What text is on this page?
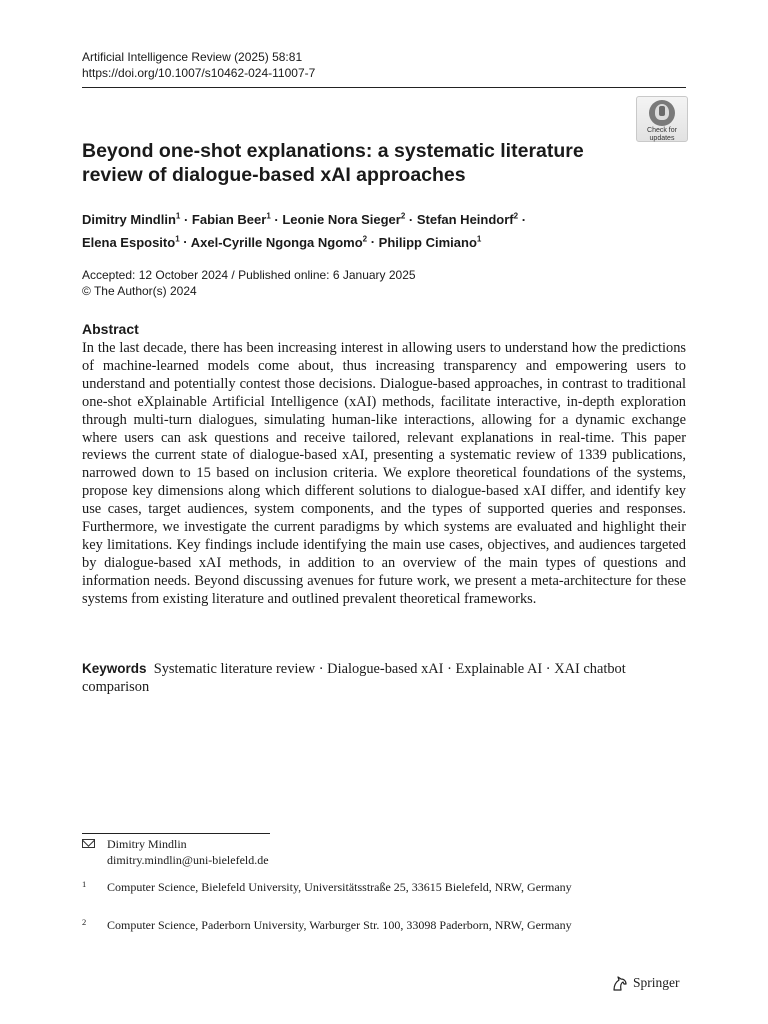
Artificial Intelligence Review (2025) 58:81
https://doi.org/10.1007/s10462-024-11007-7
Check for
updates
Beyond one-shot explanations: a systematic literature review of dialogue-based xAI approaches
Dimitry Mindlin$^1$ · Fabian Beer$^1$ · Leonie Nora Sieger$^2$ · Stefan Heindorf$^2$ ·
Elena Esposito$^1$ · Axel-Cyrille Ngonga Ngomo$^2$ · Philipp Cimiano$^1$
Accepted: 12 October 2024 / Published online: 6 January 2025
© The Author(s) 2024
Abstract

In the last decade, there has been increasing interest in allowing users to understand how the predictions of machine-learned models come about, thus increasing transparency and empowering users to understand and potentially contest those decisions. Dialogue-based approaches, in contrast to traditional one-shot eXplainable Artificial Intelligence (xAI) methods, facilitate interactive, in-depth exploration through multi-turn dialogues, simulating human-like interactions, allowing for a dynamic exchange where users can ask questions and receive tailored, relevant explanations in real-time. This paper reviews the current state of dialogue-based xAI, presenting a systematic review of 1339 publications, narrowed down to 15 based on inclusion criteria. We explore theoretical foundations of the systems, propose key dimensions along which different solutions to dialogue-based xAI differ, and identify key use cases, target audiences, system components, and the types of supported queries and responses. Furthermore, we investigate the current paradigms by which systems are evaluated and highlight their key limitations. Key findings include identifying the main use cases, objectives, and audiences targeted by dialogue-based xAI methods, in addition to an overview of the main types of questions and information needs. Beyond discussing avenues for future work, we present a meta-architecture for these systems from existing literature and outlined prevalent theoretical frameworks.

Keywords Systematic literature review · Dialogue-based xAI · Explainable AI · XAI chatbot comparison

Dimitry Mindlin
dimitry.mindlin@uni-bielefeld.de
1 Computer Science, Bielefeld University, Universitätsstraße 25, 33615 Bielefeld, NRW, Germany
2 Computer Science, Paderborn University, Warburger Str. 100, 33098 Paderborn, NRW, Germany
Springer
